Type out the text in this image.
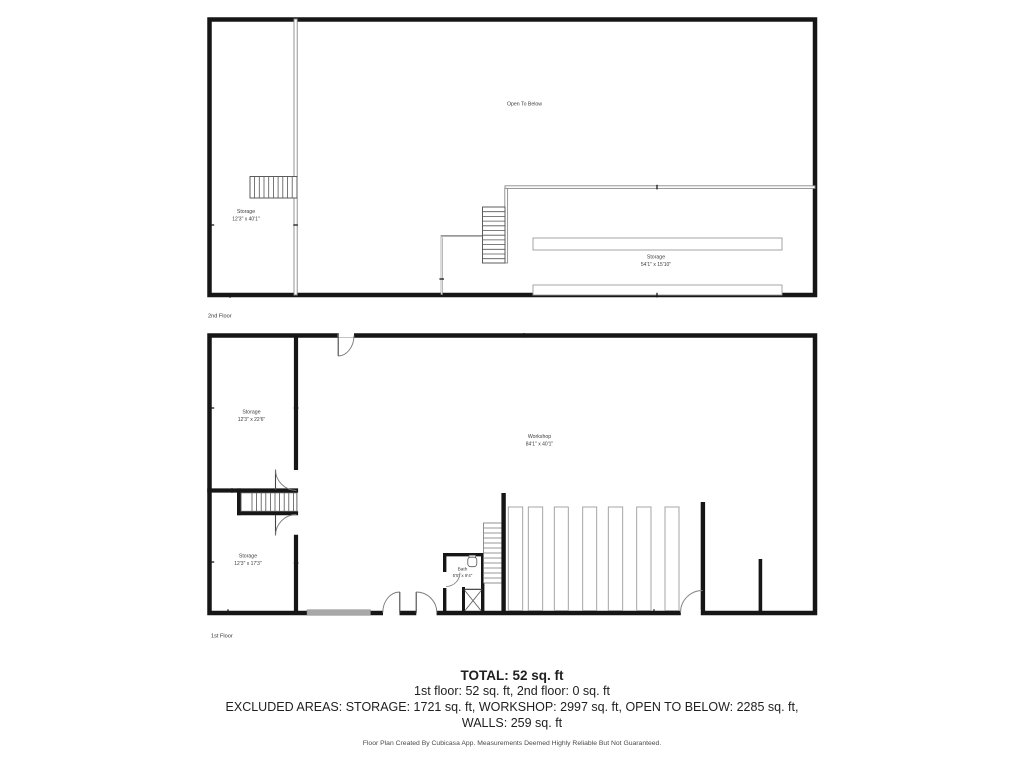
Open To Below
Storage
12'3" x 40'1"
Storage
54'1" x 15'10"
2nd Floor
Storage
12'3" x 22'6"
Storage
12'3" x 17'3"
Workshop
84'1" x 40'1"
Bath
5'5" x 9'4"
1st Floor
TOTAL: 52 sq. ft
1st floor: 52 sq. ft, 2nd floor: 0 sq. ft
EXCLUDED AREAS: STORAGE: 1721 sq. ft, WORKSHOP: 2997 sq. ft, OPEN TO BELOW: 2285 sq. ft,
WALLS: 259 sq. ft
Floor Plan Created By Cubicasa App. Measurements Deemed Highly Reliable But Not Guaranteed.
